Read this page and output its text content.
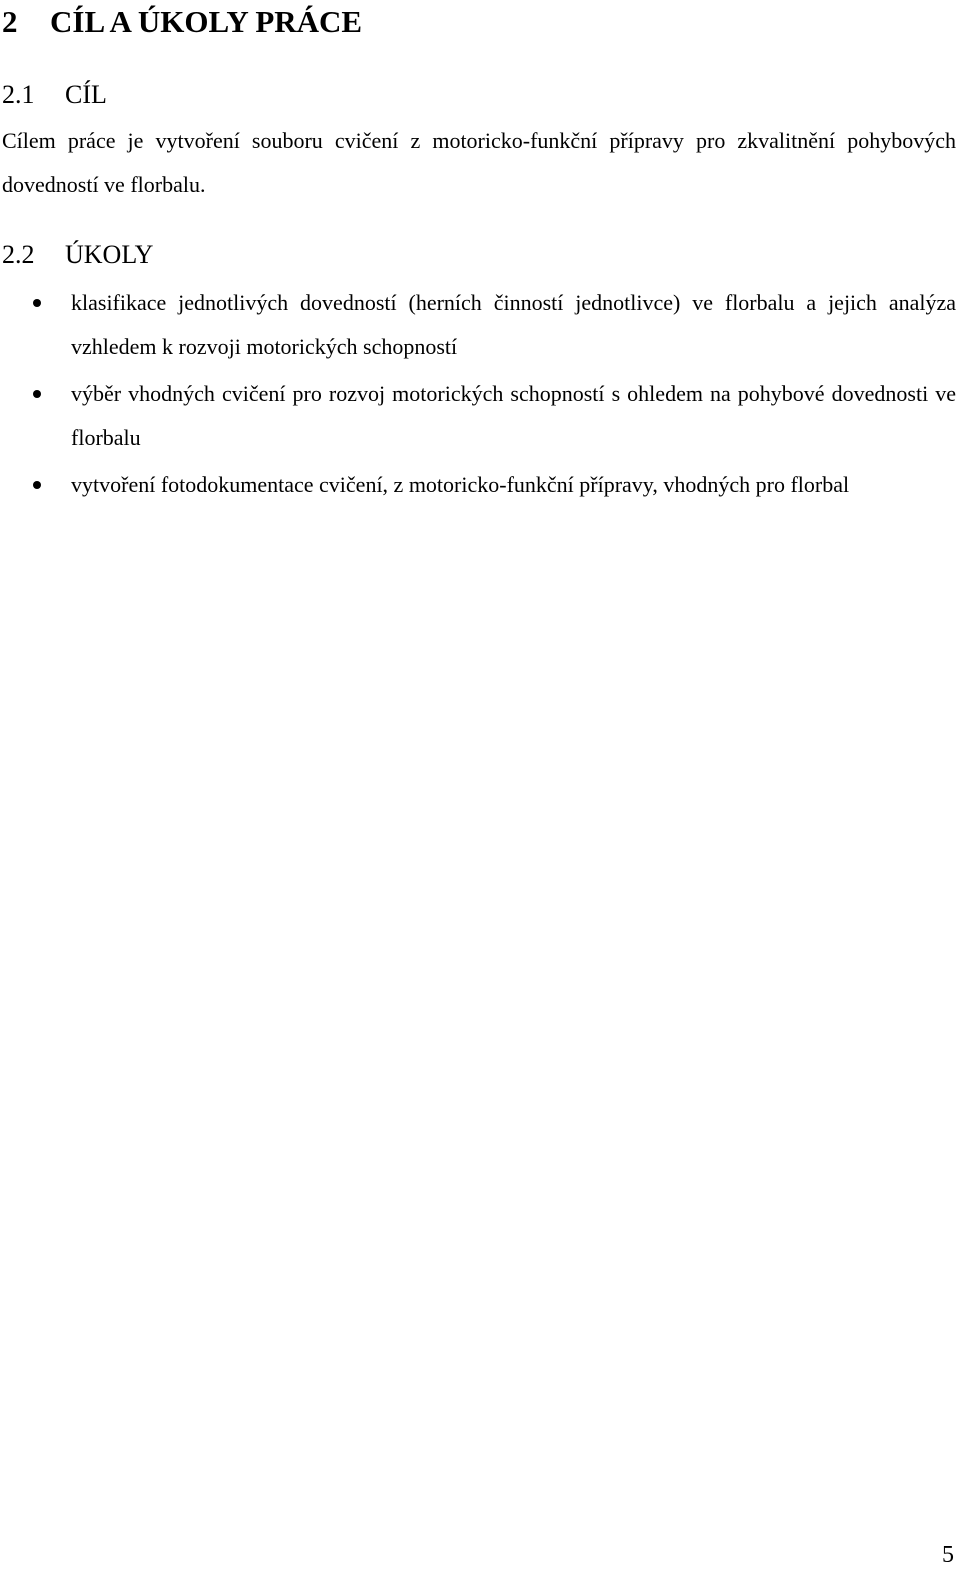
2 CÍL A ÚKOLY PRÁCE
2.1 CÍL

Cílem práce je vytvoření souboru cvičení z motoricko-funkční přípravy pro zkvalitnění pohybových dovedností ve florbalu.

2.2 ÚKOLY
klasifikace jednotlivých dovedností (herních činností jednotlivce) ve florbalu a jejich analýza vzhledem k rozvoji motorických schopností
výběr vhodných cvičení pro rozvoj motorických schopností s ohledem na pohybové dovednosti ve florbalu
vytvoření fotodokumentace cvičení, z motoricko-funkční přípravy, vhodných pro florbal
5
